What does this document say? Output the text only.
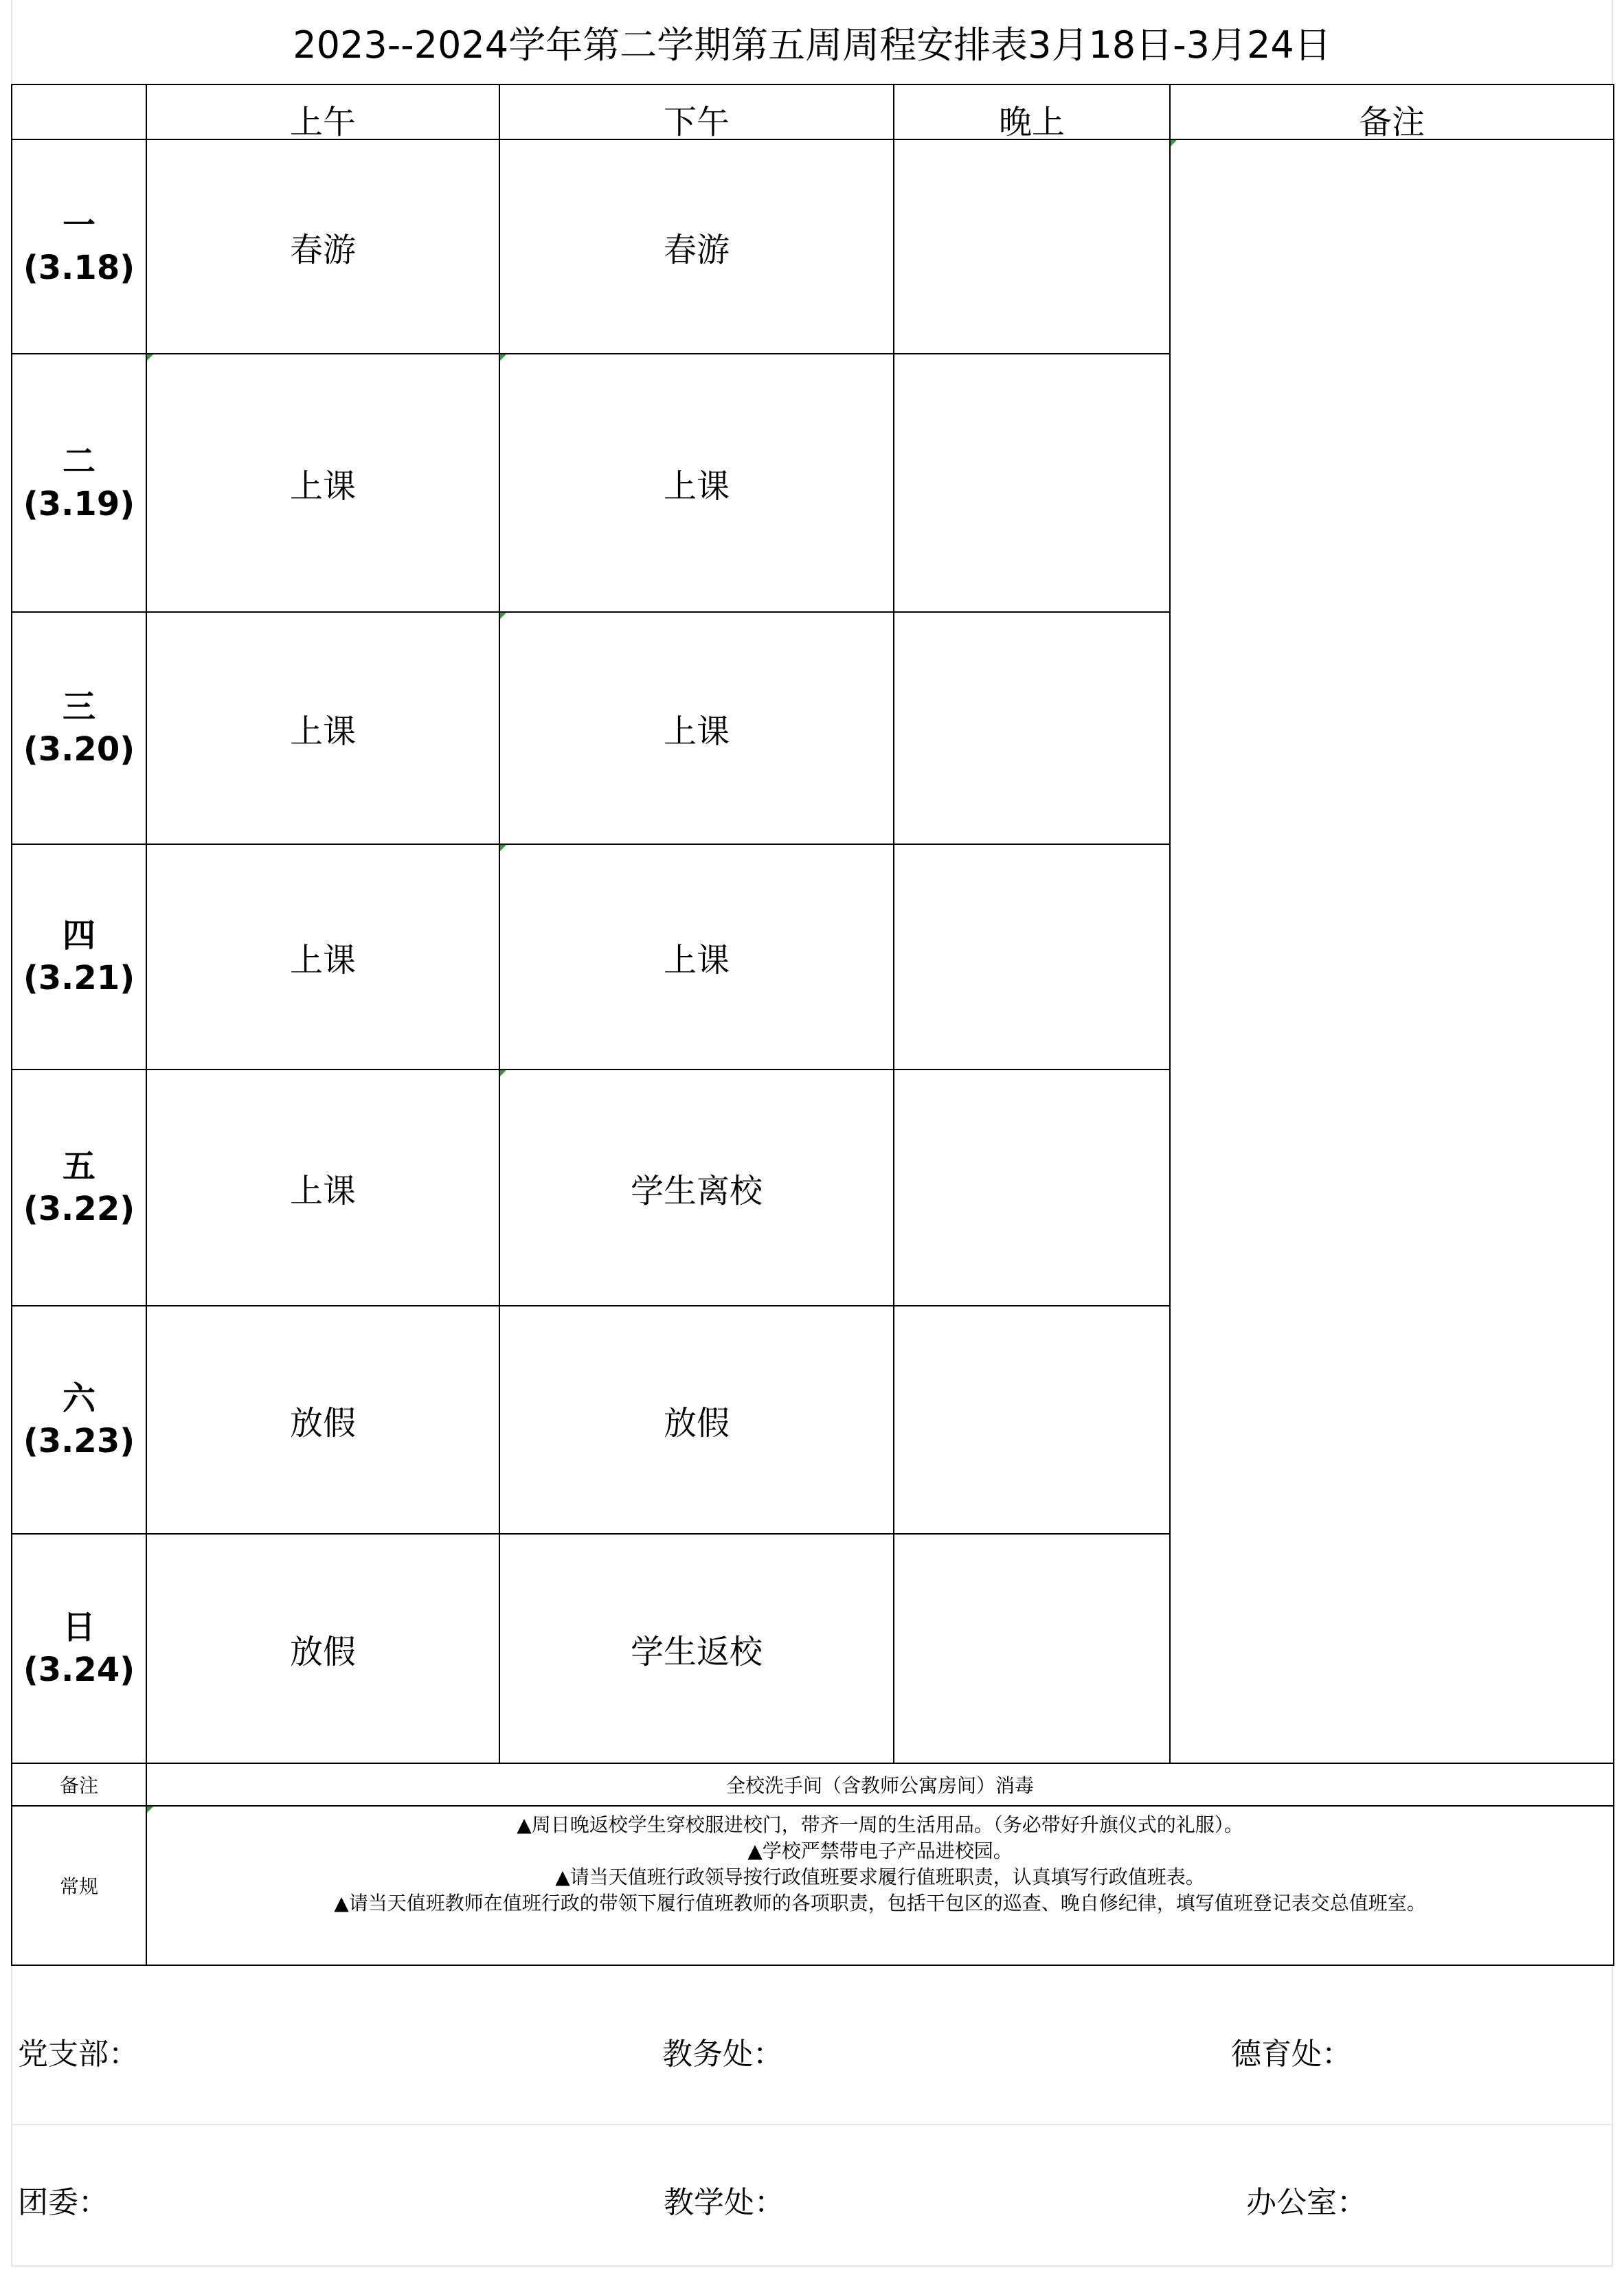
2023--2024学年第二学期第五周周程安排表3月18日-3月24日
	上午	下午	晚上	备注

一
(3.18)	春游	春游		

二
(3.19)	上课	上课		

三
(3.20)	上课	上课		

四
(3.21)	上课	上课		

五
(3.22)	上课	学生离校		

六
(3.23)	放假	放假		

日
(3.24)	放假	学生返校		
备注	全校洗手间（含教师公寓房间）消毒			
常规	▲周日晚返校学生穿校服进校门，带齐一周的生活用品。（务必带好升旗仪式的礼服）。
▲学校严禁带电子产品进校园。
▲请当天值班行政领导按行政值班要求履行值班职责，认真填写行政值班表。
▲请当天值班教师在值班行政的带领下履行值班教师的各项职责，包括干包区的巡查、晚自修纪律，填写值班登记表交总值班室。			
党支部：	教务处：	德育处：
团委：	教学处：	办公室：
